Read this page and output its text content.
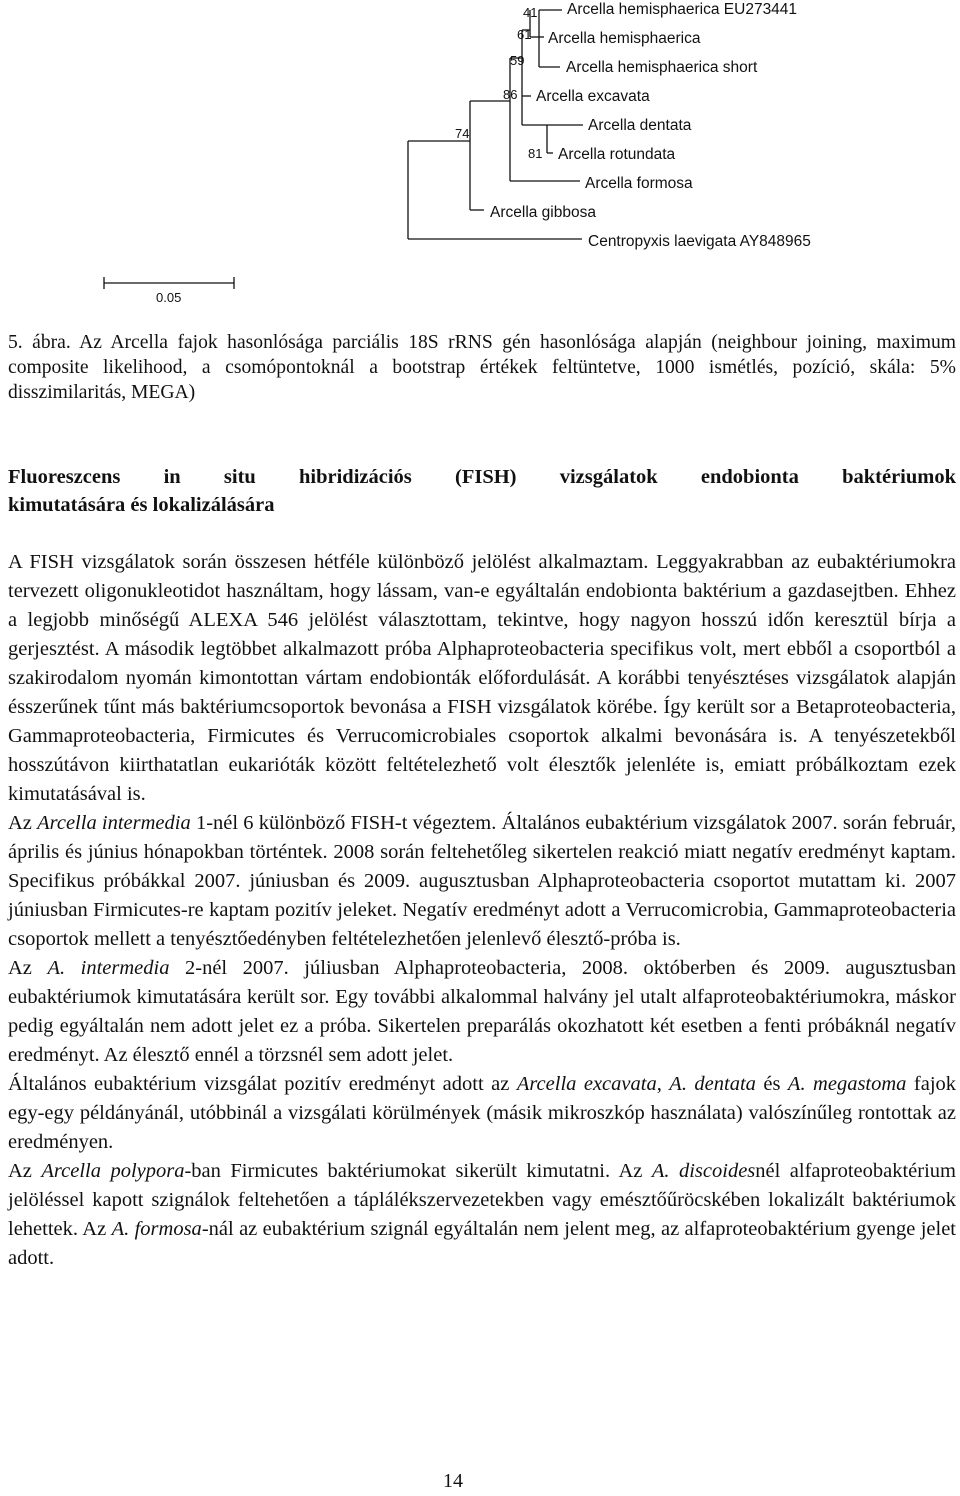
Arcella hemisphaerica EU273441
Arcella hemisphaerica
Arcella hemisphaerica short
Arcella excavata
Arcella dentata
Arcella rotundata
Arcella formosa
Arcella gibbosa
Centropyxis laevigata AY848965
41
61
59
86
74
81
0.05

5. ábra. Az Arcella fajok hasonlósága parciális 18S rRNS gén hasonlósága alapján (neighbour joining, maximum composite likelihood, a csomópontoknál a bootstrap értékek feltüntetve, 1000 ismétlés, pozíció, skála: 5% disszimilaritás, MEGA)

Fluoreszcens in situ hibridizációs (FISH) vizsgálatok endobionta baktériumok
kimutatására és lokalizálására

A FISH vizsgálatok során összesen hétféle különböző jelölést alkalmaztam. Leggyakrabban az eubaktériumokra tervezett oligonukleotidot használtam, hogy lássam, van-e egyáltalán endobionta baktérium a gazdasejtben. Ehhez a legjobb minőségű ALEXA 546 jelölést választottam, tekintve, hogy nagyon hosszú időn keresztül bírja a gerjesztést. A második legtöbbet alkalmazott próba Alphaproteobacteria specifikus volt, mert ebből a csoportból a szakirodalom nyomán kimontottan vártam endobionták előfordulását. A korábbi tenyésztéses vizsgálatok alapján ésszerűnek tűnt más baktériumcsoportok bevonása a FISH vizsgálatok körébe. Így került sor a Betaproteobacteria, Gammaproteobacteria, Firmicutes és Verrucomicrobiales csoportok alkalmi bevonására is. A tenyészetekből hosszútávon kiirthatatlan eukarióták között feltételezhető volt élesztők jelenléte is, emiatt próbálkoztam ezek kimutatásával is.

Az Arcella intermedia 1-nél 6 különböző FISH-t végeztem. Általános eubaktérium vizsgálatok 2007. során február, április és június hónapokban történtek. 2008 során feltehetőleg sikertelen reakció miatt negatív eredményt kaptam. Specifikus próbákkal 2007. júniusban és 2009. augusztusban Alphaproteobacteria csoportot mutattam ki. 2007 júniusban Firmicutes-re kaptam pozitív jeleket. Negatív eredményt adott a Verrucomicrobia, Gammaproteobacteria csoportok mellett a tenyésztőedényben feltételezhetően jelenlevő élesztő-próba is.

Az A. intermedia 2-nél 2007. júliusban Alphaproteobacteria, 2008. októberben és 2009. augusztusban eubaktériumok kimutatására került sor. Egy további alkalommal halvány jel utalt alfaproteobaktériumokra, máskor pedig egyáltalán nem adott jelet ez a próba. Sikertelen preparálás okozhatott két esetben a fenti próbáknál negatív eredményt. Az élesztő ennél a törzsnél sem adott jelet.

Általános eubaktérium vizsgálat pozitív eredményt adott az Arcella excavata, A. dentata és A. megastoma fajok egy-egy példányánál, utóbbinál a vizsgálati körülmények (másik mikroszkóp használata) valószínűleg rontottak az eredményen.

Az Arcella polypora-ban Firmicutes baktériumokat sikerült kimutatni. Az A. discoidesnél alfaproteobaktérium jelöléssel kapott szignálok feltehetően a táplálékszervezetekben vagy emésztőűröcskében lokalizált baktériumok lehettek. Az A. formosa-nál az eubaktérium szignál egyáltalán nem jelent meg, az alfaproteobaktérium gyenge jelet adott.

14
